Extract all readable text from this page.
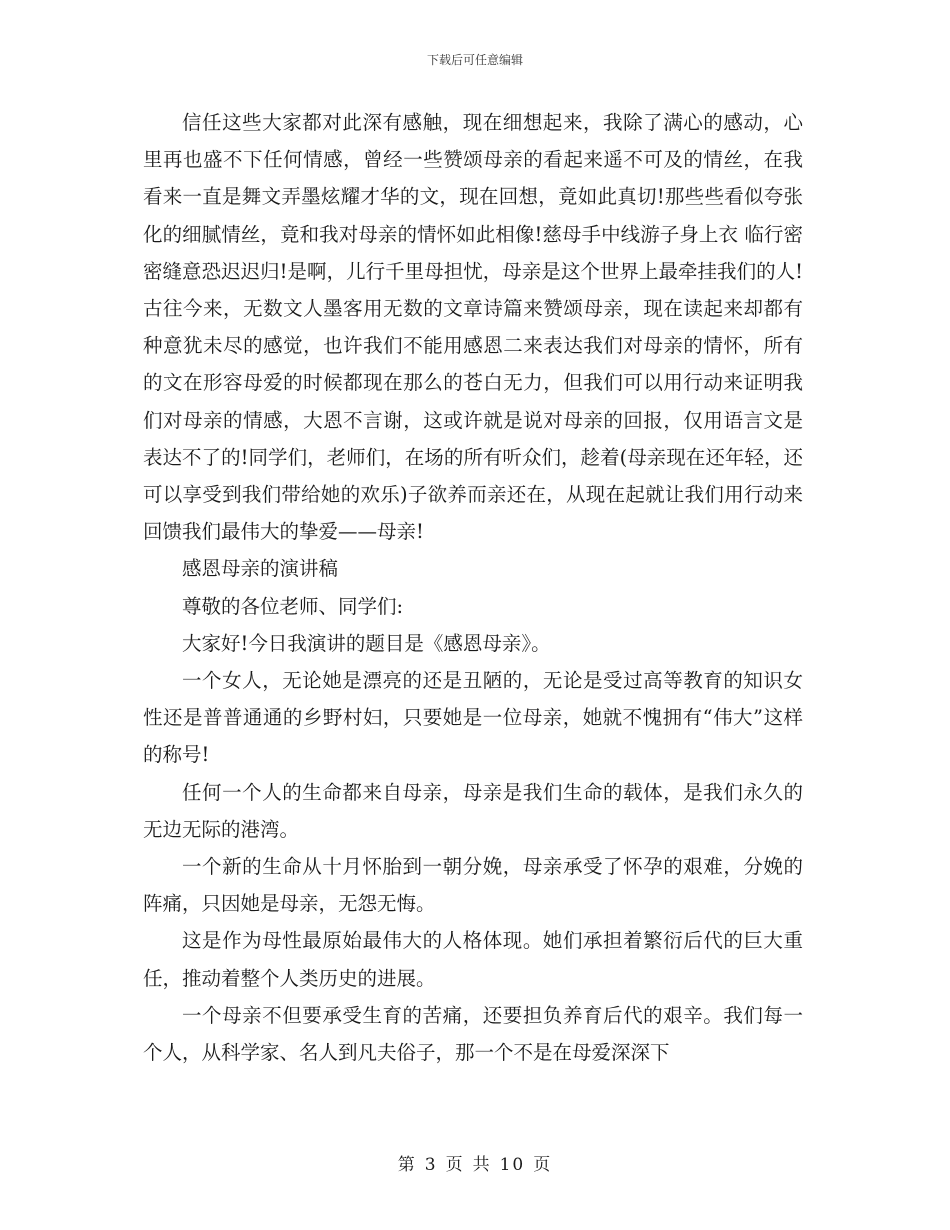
下载后可任意编辑

信任这些大家都对此深有感触，现在细想起来，我除了满心的感动，心里再也盛不下任何情感，曾经一些赞颂母亲的看起来遥不可及的情丝，在我看来一直是舞文弄墨炫耀才华的文，现在回想，竟如此真切!那些些看似夸张化的细腻情丝，竟和我对母亲的情怀如此相像!慈母手中线游子身上衣 临行密密缝意恐迟迟归!是啊，儿行千里母担忧，母亲是这个世界上最牵挂我们的人!古往今来，无数文人墨客用无数的文章诗篇来赞颂母亲，现在读起来却都有种意犹未尽的感觉，也许我们不能用感恩二来表达我们对母亲的情怀，所有的文在形容母爱的时候都现在那么的苍白无力，但我们可以用行动来证明我们对母亲的情感，大恩不言谢，这或许就是说对母亲的回报，仅用语言文是表达不了的!同学们，老师们，在场的所有听众们，趁着(母亲现在还年轻，还可以享受到我们带给她的欢乐)子欲养而亲还在，从现在起就让我们用行动来回馈我们最伟大的挚爱——母亲!

感恩母亲的演讲稿

尊敬的各位老师、同学们:

大家好!今日我演讲的题目是《感恩母亲》。

一个女人，无论她是漂亮的还是丑陋的，无论是受过高等教育的知识女性还是普普通通的乡野村妇，只要她是一位母亲，她就不愧拥有“伟大”这样的称号!

任何一个人的生命都来自母亲，母亲是我们生命的载体，是我们永久的无边无际的港湾。

一个新的生命从十月怀胎到一朝分娩，母亲承受了怀孕的艰难，分娩的阵痛，只因她是母亲，无怨无悔。

这是作为母性最原始最伟大的人格体现。她们承担着繁衍后代的巨大重任，推动着整个人类历史的进展。

一个母亲不但要承受生育的苦痛，还要担负养育后代的艰辛。我们每一个人，从科学家、名人到凡夫俗子，那一个不是在母爱深深下

第 3 页 共 10 页
